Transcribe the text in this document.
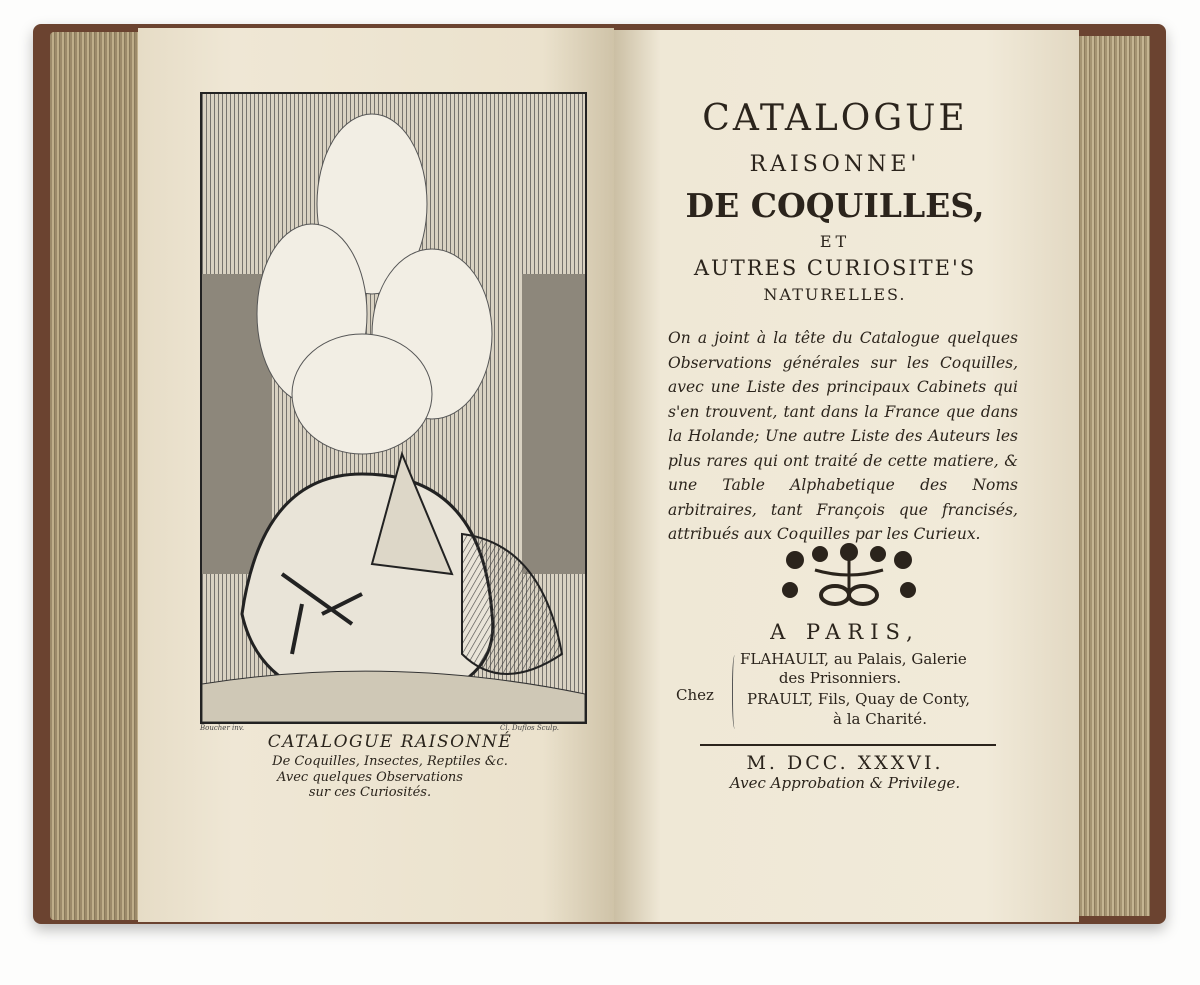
Boucher inv.	Cl. Duflos Sculp.
CATALOGUE RAISONNÉ
De Coquilles, Insectes, Reptiles &c.
Avec quelques Observations
sur ces Curiosités.
CATALOGUE
RAISONNE'
DE COQUILLES,
ET
AUTRES CURIOSITE'S
NATURELLES.
On a joint à la tête du Catalogue quelques Observations générales sur les Coquilles, avec une Liste des principaux Cabinets qui s'en trouvent, tant dans la France que dans la Holande; Une autre Liste des Auteurs les plus rares qui ont traité de cette matiere, & une Table Alphabetique des Noms arbitraires, tant François que francisés, attribués aux Coquilles par les Curieux.
A PARIS,
Chez
FLAHAULT, au Palais, Galerie
des Prisonniers.
PRAULT, Fils, Quay de Conty,
à la Charité.
M. DCC. XXXVI.
Avec Approbation & Privilege.
